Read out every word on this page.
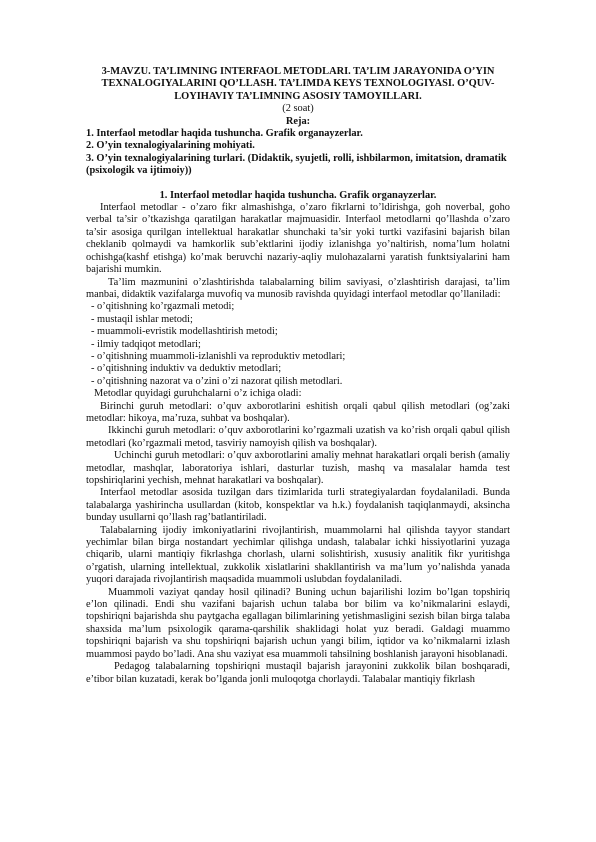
3-MAVZU. TA’LIMNING INTERFAOL METODLARI. TA’LIM JARAYONIDA O’YIN TEXNALOGIYALARINI QO’LLASH. TA’LIMDA KEYS TEXNOLOGIYASI. O’QUV-LOYIHAVIY TA’LIMNING ASOSIY TAMOYILLARI.

(2 soat)

Reja:

1. Interfaol metodlar haqida tushuncha. Grafik organayzerlar.

2. O’yin texnalogiyalarining mohiyati.

3. O’yin texnalogiyalarining turlari. (Didaktik, syujetli, rolli, ishbilarmon, imitatsion, dramatik (psixologik va ijtimoiy))

1. Interfaol metodlar haqida tushuncha. Grafik organayzerlar.

Interfaol metodlar - o’zaro fikr almashishga, o’zaro fikrlarni to’ldirishga, goh noverbal, goho verbal ta’sir o’tkazishga qaratilgan harakatlar majmuasidir. Interfaol metodlarni qo’llashda o’zaro ta’sir asosiga qurilgan intellektual harakatlar shunchaki ta’sir yoki turtki vazifasini bajarish bilan cheklanib qolmaydi va hamkorlik sub’ektlarini ijodiy izlanishga yo’naltirish, noma’lum holatni ochishga(kashf etishga) ko’mak beruvchi nazariy-aqliy mulohazalarni yaratish funktsiyalarini ham bajarishi mumkin.

Ta’lim mazmunini o’zlashtirishda talabalarning bilim saviyasi, o’zlashtirish darajasi, ta’lim manbai, didaktik vazifalarga muvofiq va munosib ravishda quyidagi interfaol metodlar qo’llaniladi:

- o’qitishning ko’rgazmali metodi;

- mustaqil ishlar metodi;

- muammoli-evristik modellashtirish metodi;

- ilmiy tadqiqot metodlari;

- o’qitishning muammoli-izlanishli va reproduktiv metodlari;

- o’qitishning induktiv va deduktiv metodlari;

- o’qitishning nazorat va o’zini o’zi nazorat qilish metodlari.

Metodlar quyidagi guruhchalarni o’z ichiga oladi:

Birinchi guruh metodlari: o’quv axborotlarini eshitish orqali qabul qilish metodlari (og’zaki metodlar: hikoya, ma’ruza, suhbat va boshqalar).

Ikkinchi guruh metodlari: o’quv axborotlarini ko’rgazmali uzatish va ko’rish orqali qabul qilish metodlari (ko’rgazmali metod, tasviriy namoyish qilish va boshqalar).

Uchinchi guruh metodlari: o’quv axborotlarini amaliy mehnat harakatlari orqali berish (amaliy metodlar, mashqlar, laboratoriya ishlari, dasturlar tuzish, mashq va masalalar hamda test topshiriqlarini yechish, mehnat harakatlari va boshqalar).

Interfaol metodlar asosida tuzilgan dars tizimlarida turli strategiyalardan foydalaniladi. Bunda talabalarga yashirincha usullardan (kitob, konspektlar va h.k.) foydalanish taqiqlanmaydi, aksincha bunday usullarni qo’llash rag’batlantiriladi.

Talabalarning ijodiy imkoniyatlarini rivojlantirish, muammolarni hal qilishda tayyor standart yechimlar bilan birga nostandart yechimlar qilishga undash, talabalar ichki hissiyotlarini yuzaga chiqarib, ularni mantiqiy fikrlashga chorlash, ularni solishtirish, xususiy analitik fikr yuritishga o’rgatish, ularning intellektual, zukkolik xislatlarini shakllantirish va ma’lum yo’nalishda yanada yuqori darajada rivojlantirish maqsadida muammoli uslubdan foydalaniladi.

Muammoli vaziyat qanday hosil qilinadi? Buning uchun bajarilishi lozim bo’lgan topshiriq e’lon qilinadi. Endi shu vazifani bajarish uchun talaba bor bilim va ko’nikmalarini eslaydi, topshiriqni bajarishda shu paytgacha egallagan bilimlarining yetishmasligini sezish bilan birga talaba shaxsida ma’lum psixologik qarama-qarshilik shaklidagi holat yuz beradi. Galdagi muammo topshiriqni bajarish va shu topshiriqni bajarish uchun yangi bilim, iqtidor va ko’nikmalarni izlash muammosi paydo bo’ladi. Ana shu vaziyat esa muammoli tahsilning boshlanish jarayoni hisoblanadi.

Pedagog talabalarning topshiriqni mustaqil bajarish jarayonini zukkolik bilan boshqaradi, e’tibor bilan kuzatadi, kerak bo’lganda jonli muloqotga chorlaydi. Talabalar mantiqiy fikrlash
